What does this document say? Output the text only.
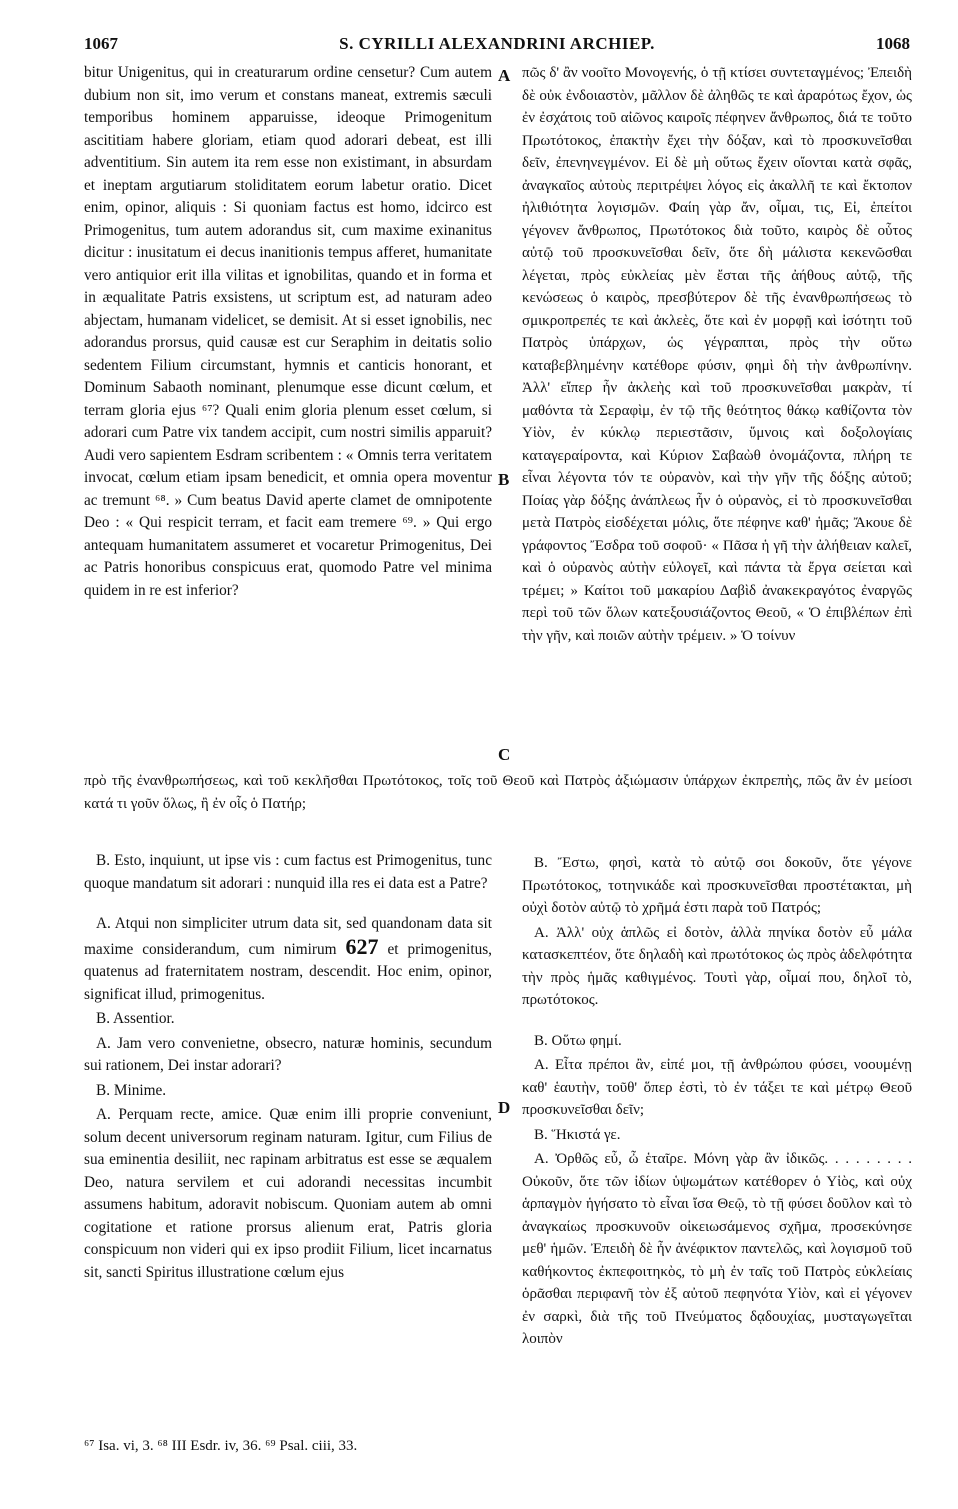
1067	S. CYRILLI ALEXANDRINI ARCHIEP.	1068
A
B
C
D

bitur Unigenitus, qui in creaturarum ordine censetur? Cum autem dubium non sit, imo verum et constans maneat, extremis sæculi temporibus hominem apparuisse, ideoque Primogenitum ascititiam habere gloriam, etiam quod adorari debeat, est illi adventitium. Sin autem ita rem esse non existimant, in absurdam et ineptam argutiarum stoliditatem eorum labetur oratio. Dicet enim, opinor, aliquis : Si quoniam factus est homo, idcirco est Primogenitus, tum autem adorandus sit, cum maxime exinanitus dicitur : inusitatum ei decus inanitionis tempus afferet, humanitate vero antiquior erit illa vilitas et ignobilitas, quando et in forma et in æqualitate Patris exsistens, ut scriptum est, ad naturam adeo abjectam, humanam videlicet, se demisit. At si esset ignobilis, nec adorandus prorsus, quid causæ est cur Seraphim in deitatis solio sedentem Filium circumstant, hymnis et canticis honorant, et Dominum Sabaoth nominant, plenumque esse dicunt cœlum, et terram gloria ejus ⁶⁷? Quali enim gloria plenum esset cœlum, si adorari cum Patre vix tandem accipit, cum nostri similis apparuit? Audi vero sapientem Esdram scribentem : « Omnis terra veritatem invocat, cœlum etiam ipsam benedicit, et omnia opera moventur ac tremunt ⁶⁸. » Cum beatus David aperte clamet de omnipotente Deo : « Qui respicit terram, et facit eam tremere ⁶⁹. » Qui ergo antequam humanitatem assumeret et vocaretur Primogenitus, Dei ac Patris honoribus conspicuus erat, quomodo Patre vel minima quidem in re est inferior?

πῶς δ' ἂν νοοῖτο Μονογενής, ὁ τῇ κτίσει συντεταγμένος; Ἐπειδὴ δὲ οὐκ ἐνδοιαστὸν, μᾶλλον δὲ ἀληθῶς τε καὶ ἀραρότως ἔχον, ὡς ἐν ἐσχάτοις τοῦ αἰῶνος καιροῖς πέφηνεν ἄνθρωπος, διά τε τοῦτο Πρωτότοκος, ἐπακτὴν ἔχει τὴν δόξαν, καὶ τὸ προσκυνεῖσθαι δεῖν, ἐπενηνεγμένον. Εἰ δὲ μὴ οὕτως ἔχειν οἴονται κατὰ σφᾶς, ἀναγκαῖος αὐτοὺς περιτρέψει λόγος εἰς ἀκαλλῆ τε καὶ ἔκτοπον ἠλιθιότητα λογισμῶν. Φαίη γὰρ ἄν, οἶμαι, τις, Εἰ, ἐπείτοι γέγονεν ἄνθρωπος, Πρωτότοκος διὰ τοῦτο, καιρὸς δὲ οὗτος αὐτῷ τοῦ προσκυνεῖσθαι δεῖν, ὅτε δὴ μάλιστα κεκενῶσθαι λέγεται, πρὸς εὐκλείας μὲν ἔσται τῆς ἀήθους αὐτῷ, τῆς κενώσεως ὁ καιρὸς, πρεσβύτερον δὲ τῆς ἐνανθρωπήσεως τὸ σμικροπρεπές τε καὶ ἀκλεὲς, ὅτε καὶ ἐν μορφῇ καὶ ἰσότητι τοῦ Πατρὸς ὑπάρχων, ὡς γέγραπται, πρὸς τὴν οὕτω καταβεβλημένην κατέθορε φύσιν, φημὶ δὴ τὴν ἀνθρωπίνην. Ἀλλ' εἴπερ ἦν ἀκλεὴς καὶ τοῦ προσκυνεῖσθαι μακρὰν, τί μαθόντα τὰ Σεραφὶμ, ἐν τῷ τῆς θεότητος θάκῳ καθίζοντα τὸν Υἱὸν, ἐν κύκλῳ περιεστᾶσιν, ὕμνοις καὶ δοξολογίαις καταγεραίροντα, καὶ Κύριον Σαβαὼθ ὀνομάζοντα, πλήρη τε εἶναι λέγοντα τόν τε οὐρανὸν, καὶ τὴν γῆν τῆς δόξης αὐτοῦ; Ποίας γὰρ δόξης ἀνάπλεως ἦν ὁ οὐρανὸς, εἰ τὸ προσκυνεῖσθαι μετὰ Πατρὸς εἰσδέχεται μόλις, ὅτε πέφηνε καθ' ἡμᾶς; Ἄκουε δὲ γράφοντος Ἔσδρα τοῦ σοφοῦ· « Πᾶσα ἡ γῆ τὴν ἀλήθειαν καλεῖ, καὶ ὁ οὐρανὸς αὐτὴν εὐλογεῖ, καὶ πάντα τὰ ἔργα σείεται καὶ τρέμει; » Καίτοι τοῦ μακαρίου Δαβὶδ ἀνακεκραγότος ἐναργῶς περὶ τοῦ τῶν ὅλων κατεξουσιάζοντος Θεοῦ, « Ὁ ἐπιβλέπων ἐπὶ τὴν γῆν, καὶ ποιῶν αὐτὴν τρέμειν. » Ὁ τοίνυν

πρὸ τῆς ἐνανθρωπήσεως, καὶ τοῦ κεκλῆσθαι Πρωτότοκος, τοῖς τοῦ Θεοῦ καὶ Πατρὸς ἀξιώμασιν ὑπάρχων ἐκπρεπὴς, πῶς ἂν ἐν μείοσι κατά τι γοῦν ὅλως, ἢ ἐν οἷς ὁ Πατήρ;

B. Esto, inquiunt, ut ipse vis : cum factus est Primogenitus, tunc quoque mandatum sit adorari : nunquid illa res ei data est a Patre?

A. Atqui non simpliciter utrum data sit, sed quandonam data sit maxime considerandum, cum nimirum 627 et primogenitus, quatenus ad fraternitatem nostram, descendit. Hoc enim, opinor, significat illud, primogenitus.

B. Assentior.

A. Jam vero convenietne, obsecro, naturæ hominis, secundum sui rationem, Dei instar adorari?

B. Minime.

A. Perquam recte, amice. Quæ enim illi proprie conveniunt, solum decent universorum reginam naturam. Igitur, cum Filius de sua eminentia desiliit, nec rapinam arbitratus est esse se æqualem Deo, natura servilem et cui adorandi necessitas incumbit assumens habitum, adoravit nobiscum. Quoniam autem ab omni cogitatione et ratione prorsus alienum erat, Patris gloria conspicuum non videri qui ex ipso prodiit Filium, licet incarnatus sit, sancti Spiritus illustratione cœlum ejus

Β. Ἔστω, φησὶ, κατὰ τὸ αὐτῷ σοι δοκοῦν, ὅτε γέγονε Πρωτότοκος, τοτηνικάδε καὶ προσκυνεῖσθαι προστέτακται, μὴ οὐχὶ δοτὸν αὐτῷ τὸ χρῆμά ἐστι παρὰ τοῦ Πατρός;

Α. Ἀλλ' οὐχ ἁπλῶς εἰ δοτὸν, ἀλλὰ πηνίκα δοτὸν εὖ μάλα κατασκεπτέον, ὅτε δηλαδὴ καὶ πρωτότοκος ὡς πρὸς ἀδελφότητα τὴν πρὸς ἡμᾶς καθιγμένος. Τουτὶ γὰρ, οἶμαί που, δηλοῖ τὸ, πρωτότοκος.

Β. Οὕτω φημί.

Α. Εἶτα πρέποι ἂν, εἰπέ μοι, τῇ ἀνθρώπου φύσει, νοουμένῃ καθ' ἑαυτὴν, τοῦθ' ὅπερ ἐστὶ, τὸ ἐν τάξει τε καὶ μέτρῳ Θεοῦ προσκυνεῖσθαι δεῖν;

Β. Ἥκιστά γε.

Α. Ὀρθῶς εὖ, ὦ ἑταῖρε. Μόνη γὰρ ἂν ἰδικῶς. . . . . . . . . Οὐκοῦν, ὅτε τῶν ἰδίων ὑψωμάτων κατέθορεν ὁ Υἱὸς, καὶ οὐχ ἁρπαγμὸν ἡγήσατο τὸ εἶναι ἴσα Θεῷ, τὸ τῇ φύσει δοῦλον καὶ τὸ ἀναγκαίως προσκυνοῦν οἰκειωσάμενος σχῆμα, προσεκύνησε μεθ' ἡμῶν. Ἐπειδὴ δὲ ἦν ἀνέφικτον παντελῶς, καὶ λογισμοῦ τοῦ καθήκοντος ἐκπεφοιτηκὸς, τὸ μὴ ἐν ταῖς τοῦ Πατρὸς εὐκλείαις ὁρᾶσθαι περιφανῆ τὸν ἐξ αὐτοῦ πεφηνότα Υἱὸν, καὶ εἰ γέγονεν ἐν σαρκὶ, διὰ τῆς τοῦ Πνεύματος δᾳδουχίας, μυσταγωγεῖται λοιπὸν

⁶⁷ Isa. vi, 3. ⁶⁸ III Esdr. iv, 36. ⁶⁹ Psal. ciii, 33.
